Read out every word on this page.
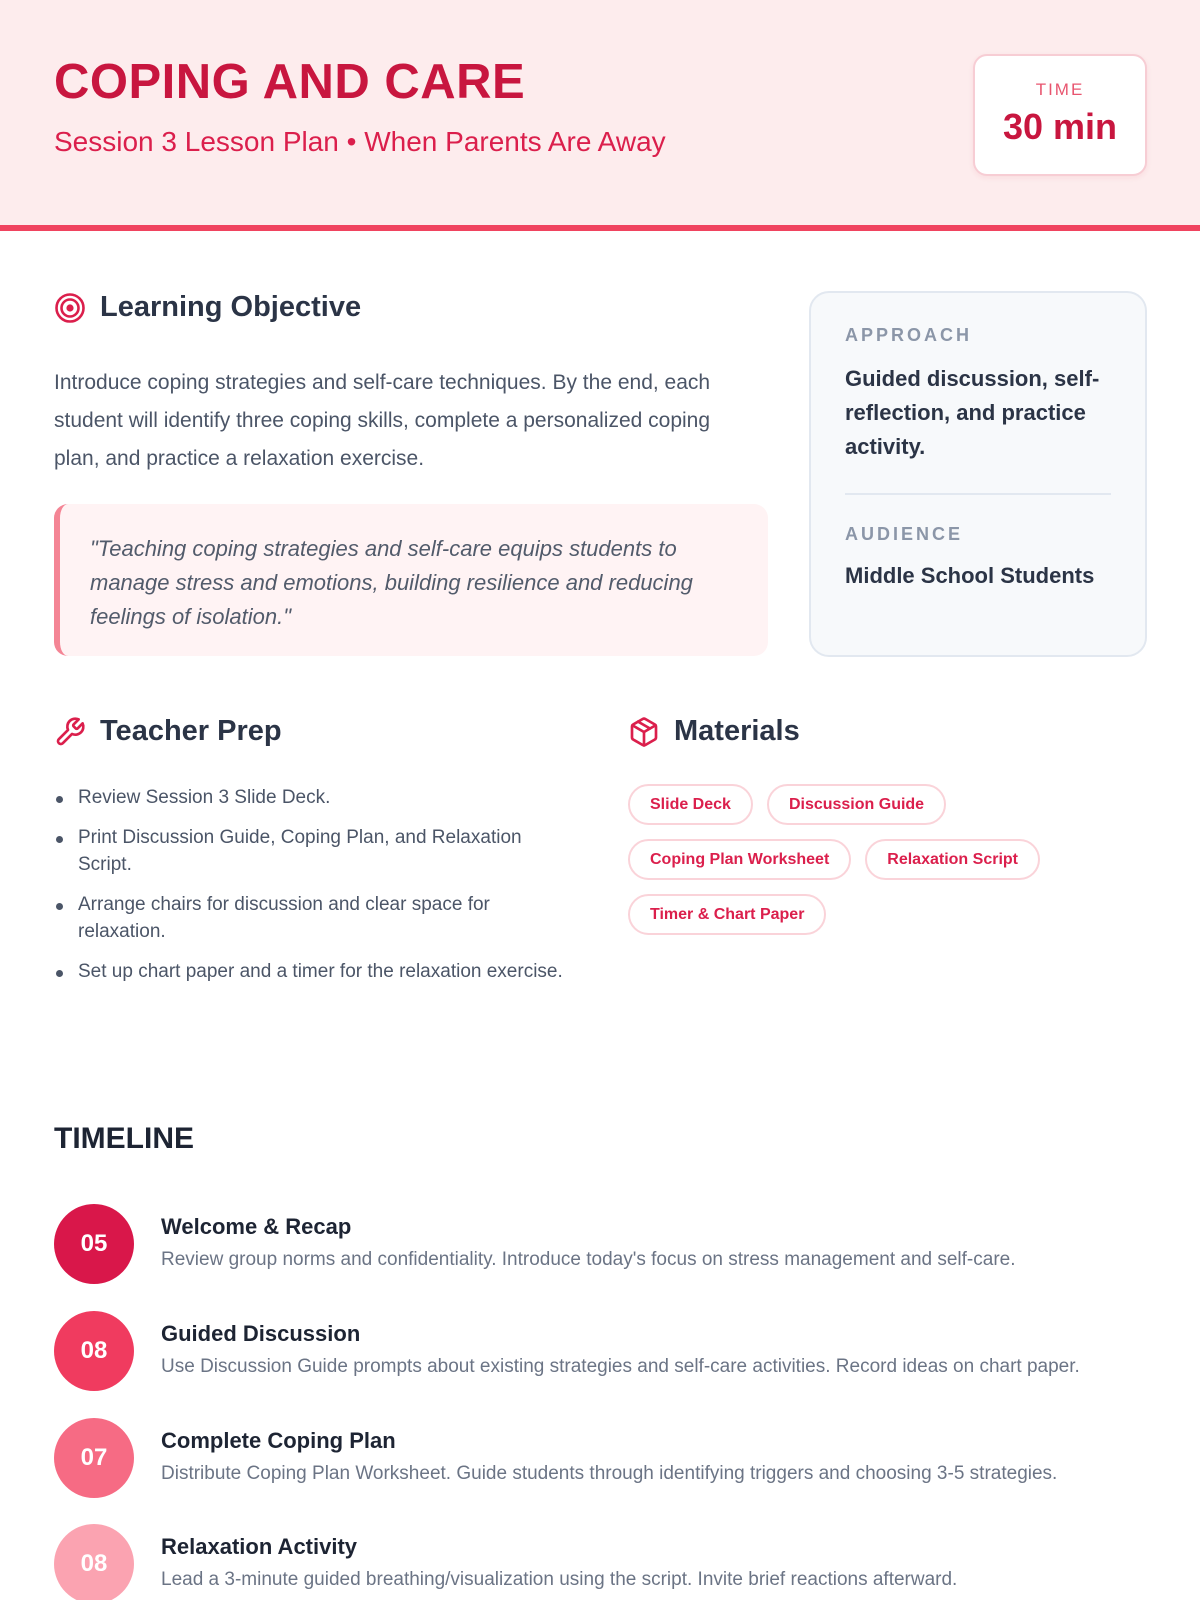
COPING AND CARE
Session 3 Lesson Plan • When Parents Are Away
TIME
30 min
Learning Objective

Introduce coping strategies and self-care techniques. By the end, each student will identify three coping skills, complete a personalized coping plan, and practice a relaxation exercise.

"Teaching coping strategies and self-care equips students to manage stress and emotions, building resilience and reducing feelings of isolation."
APPROACH
Guided discussion, self-reflection, and practice activity.
AUDIENCE
Middle School Students
Teacher Prep
Review Session 3 Slide Deck.
Print Discussion Guide, Coping Plan, and Relaxation Script.
Arrange chairs for discussion and clear space for relaxation.
Set up chart paper and a timer for the relaxation exercise.
Materials
Slide Deck	Discussion Guide
Coping Plan Worksheet	Relaxation Script
Timer & Chart Paper
TIMELINE
05
Welcome & Recap
Review group norms and confidentiality. Introduce today's focus on stress management and self-care.
08
Guided Discussion
Use Discussion Guide prompts about existing strategies and self-care activities. Record ideas on chart paper.
07
Complete Coping Plan
Distribute Coping Plan Worksheet. Guide students through identifying triggers and choosing 3-5 strategies.
08
Relaxation Activity
Lead a 3-minute guided breathing/visualization using the script. Invite brief reactions afterward.
